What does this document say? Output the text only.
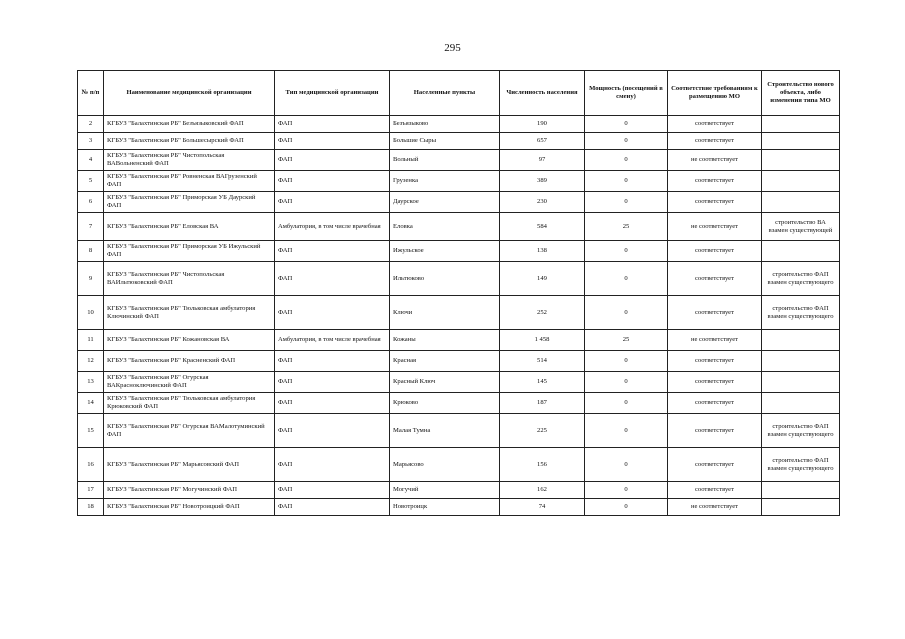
295
№ п/п	Наименование медицинской организации	Тип медицинской организации	Населенные пункты	Численность населения	Мощность (посещений в смену)	Соответствие требованиям к размещению МО	Строительство нового объекта, либо изменения типа МО
2	КГБУЗ "Балахтинская РБ" Безъязыковский ФАП	ФАП	Безъязыково	190	0	соответствует	
3	КГБУЗ "Балахтинская РБ" Большесырский ФАП	ФАП	Большие Сыры	657	0	соответствует	
4	КГБУЗ "Балахтинская РБ" Чистопольская ВАВольненский ФАП	ФАП	Вольный	97	0	не соответствует	
5	КГБУЗ "Балахтинская РБ" Ровненская ВАГрузенский ФАП	ФАП	Грузенка	389	0	соответствует	
6	КГБУЗ "Балахтинская РБ" Приморская УБ Даурский ФАП	ФАП	Даурское	230	0	соответствует	
7	КГБУЗ "Балахтинская РБ" Еловская ВА	Амбулатория, в том числе врачебная	Еловка	584	25	не соответствует	строительство ВА взамен существующей
8	КГБУЗ "Балахтинская РБ" Приморская УБ Ижульский ФАП	ФАП	Ижульское	138	0	соответствует	
9	КГБУЗ "Балахтинская РБ" Чистопольская ВАИльтюковский ФАП	ФАП	Ильтюково	149	0	соответствует	строительство ФАП взамен существующего
10	КГБУЗ "Балахтинская РБ" Тюльковская амбулатория Ключинский ФАП	ФАП	Ключи	252	0	соответствует	строительство ФАП взамен существующего
11	КГБУЗ "Балахтинская РБ" Кожановская ВА	Амбулатория, в том числе врачебная	Кожаны	1 458	25	не соответствует	
12	КГБУЗ "Балахтинская РБ" Красненский ФАП	ФАП	Красная	514	0	соответствует	
13	КГБУЗ "Балахтинская РБ" Огурская ВАКрасноключинский ФАП	ФАП	Красный Ключ	145	0	соответствует	
14	КГБУЗ "Балахтинская РБ" Тюльковская амбулатория Крюковский ФАП	ФАП	Крюково	187	0	соответствует	
15	КГБУЗ "Балахтинская РБ" Огурская ВАМалотуминский ФАП	ФАП	Малая Тумна	225	0	соответствует	строительство ФАП взамен существующего
16	КГБУЗ "Балахтинская РБ" Марьясовский ФАП	ФАП	Марьясово	156	0	соответствует	строительство ФАП взамен существующего
17	КГБУЗ "Балахтинская РБ" Могучинский ФАП	ФАП	Могучий	162	0	соответствует	
18	КГБУЗ "Балахтинская РБ" Новотроицкий ФАП	ФАП	Новотроицк	74	0	не соответствует	
